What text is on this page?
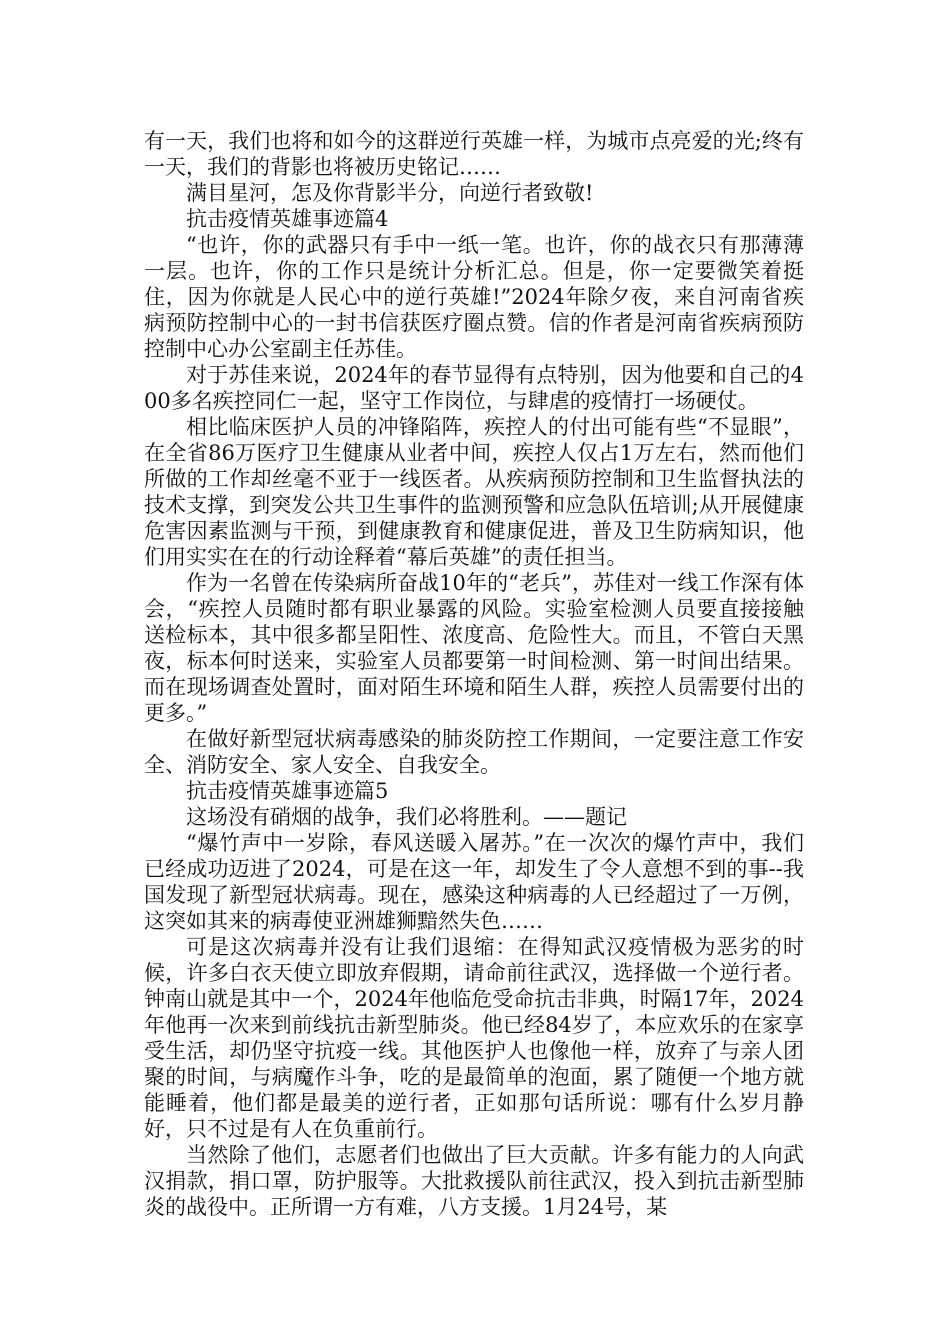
有一天，我们也将和如今的这群逆行英雄一样，为城市点亮爱的光;终有一天，我们的背影也将被历史铭记……

满目星河，怎及你背影半分，向逆行者致敬!

抗击疫情英雄事迹篇4

“也许，你的武器只有手中一纸一笔。也许，你的战衣只有那薄薄一层。也许，你的工作只是统计分析汇总。但是，你一定要微笑着挺住，因为你就是人民心中的逆行英雄!”2024年除夕夜，来自河南省疾病预防控制中心的一封书信获医疗圈点赞。信的作者是河南省疾病预防控制中心办公室副主任苏佳。

对于苏佳来说，2024年的春节显得有点特别，因为他要和自己的400多名疾控同仁一起，坚守工作岗位，与肆虐的疫情打一场硬仗。

相比临床医护人员的冲锋陷阵，疾控人的付出可能有些“不显眼”，在全省86万医疗卫生健康从业者中间，疾控人仅占1万左右，然而他们所做的工作却丝毫不亚于一线医者。从疾病预防控制和卫生监督执法的技术支撑，到突发公共卫生事件的监测预警和应急队伍培训;从开展健康危害因素监测与干预，到健康教育和健康促进，普及卫生防病知识，他们用实实在在的行动诠释着“幕后英雄”的责任担当。

作为一名曾在传染病所奋战10年的“老兵”，苏佳对一线工作深有体会，“疾控人员随时都有职业暴露的风险。实验室检测人员要直接接触送检标本，其中很多都呈阳性、浓度高、危险性大。而且，不管白天黑夜，标本何时送来，实验室人员都要第一时间检测、第一时间出结果。而在现场调查处置时，面对陌生环境和陌生人群，疾控人员需要付出的更多。”

在做好新型冠状病毒感染的肺炎防控工作期间，一定要注意工作安全、消防安全、家人安全、自我安全。

抗击疫情英雄事迹篇5

这场没有硝烟的战争，我们必将胜利。——题记

“爆竹声中一岁除，春风送暖入屠苏。”在一次次的爆竹声中，我们已经成功迈进了2024，可是在这一年，却发生了令人意想不到的事--我国发现了新型冠状病毒。现在，感染这种病毒的人已经超过了一万例，这突如其来的病毒使亚洲雄狮黯然失色……

可是这次病毒并没有让我们退缩：在得知武汉疫情极为恶劣的时候，许多白衣天使立即放弃假期，请命前往武汉，选择做一个逆行者。钟南山就是其中一个，2024年他临危受命抗击非典，时隔17年，2024年他再一次来到前线抗击新型肺炎。他已经84岁了，本应欢乐的在家享受生活，却仍坚守抗疫一线。其他医护人也像他一样，放弃了与亲人团聚的时间，与病魔作斗争，吃的是最简单的泡面，累了随便一个地方就能睡着，他们都是最美的逆行者，正如那句话所说：哪有什么岁月静好，只不过是有人在负重前行。

当然除了他们，志愿者们也做出了巨大贡献。许多有能力的人向武汉捐款，捐口罩，防护服等。大批救援队前往武汉，投入到抗击新型肺炎的战役中。正所谓一方有难，八方支援。1月24号，某
